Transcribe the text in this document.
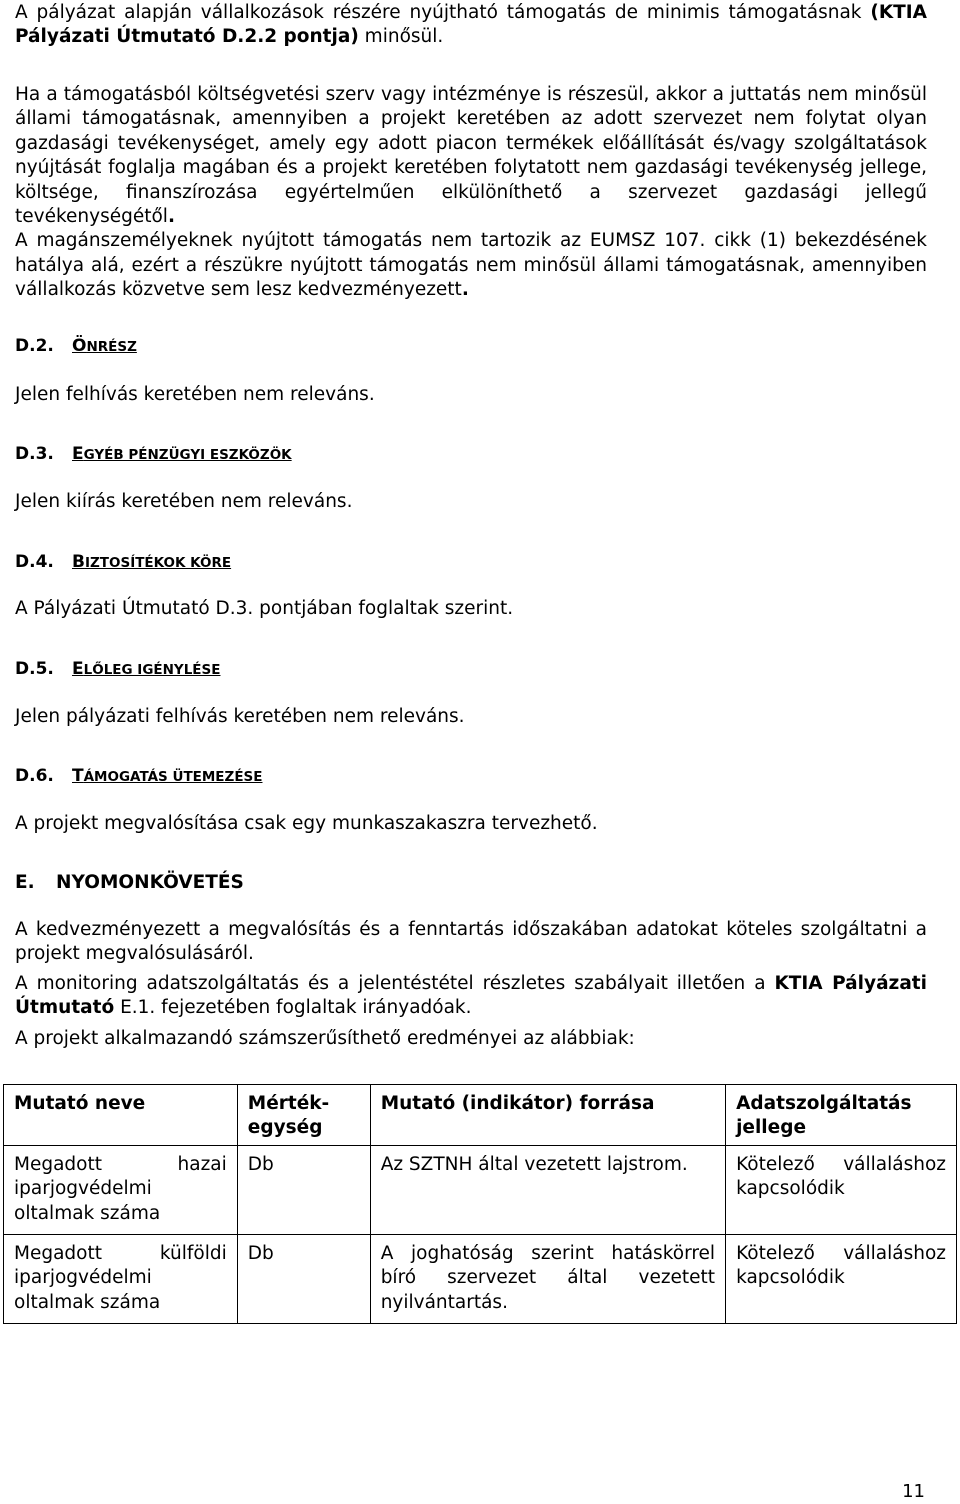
A pályázat alapján vállalkozások részére nyújtható támogatás de minimis támogatásnak (KTIA Pályázati Útmutató D.2.2 pontja) minősül.

Ha a támogatásból költségvetési szerv vagy intézménye is részesül, akkor a juttatás nem minősül állami támogatásnak, amennyiben a projekt keretében az adott szervezet nem folytat olyan gazdasági tevékenységet, amely egy adott piacon termékek előállítását és/vagy szolgáltatások nyújtását foglalja magában és a projekt keretében folytatott nem gazdasági tevékenység jellege, költsége, finanszírozása egyértelműen elkülöníthető a szervezet gazdasági jellegű tevékenységétől.

A magánszemélyeknek nyújtott támogatás nem tartozik az EUMSZ 107. cikk (1) bekezdésének hatálya alá, ezért a részükre nyújtott támogatás nem minősül állami támogatásnak, amennyiben vállalkozás közvetve sem lesz kedvezményezett.

D.2. ÖNRÉSZ
Jelen felhívás keretében nem releváns.
D.3. EGYÉB PÉNZÜGYI ESZKÖZÖK
Jelen kiírás keretében nem releváns.
D.4. BIZTOSÍTÉKOK KÖRE
A Pályázati Útmutató D.3. pontjában foglaltak szerint.
D.5. ELŐLEG IGÉNYLÉSE
Jelen pályázati felhívás keretében nem releváns.
D.6. TÁMOGATÁS ÜTEMEZÉSE
A projekt megvalósítása csak egy munkaszakaszra tervezhető.
E. NYOMONKÖVETÉS

A kedvezményezett a megvalósítás és a fenntartás időszakában adatokat köteles szolgáltatni a projekt megvalósulásáról.

A monitoring adatszolgáltatás és a jelentéstétel részletes szabályait illetően a KTIA Pályázati Útmutató E.1. fejezetében foglaltak irányadóak.

A projekt alkalmazandó számszerűsíthető eredményei az alábbiak:

Mutató neve	Mérték-egység	Mutató (indikátor) forrása	Adatszolgáltatás jellege
Megadott hazai iparjogvédelmi oltalmak száma	Db	Az SZTNH által vezetett lajstrom.	Kötelező vállaláshoz kapcsolódik
Megadott külföldi iparjogvédelmi oltalmak száma	Db	A joghatóság szerint hatáskörrel bíró szervezet által vezetett nyilvántartás.	Kötelező vállaláshoz kapcsolódik
11
